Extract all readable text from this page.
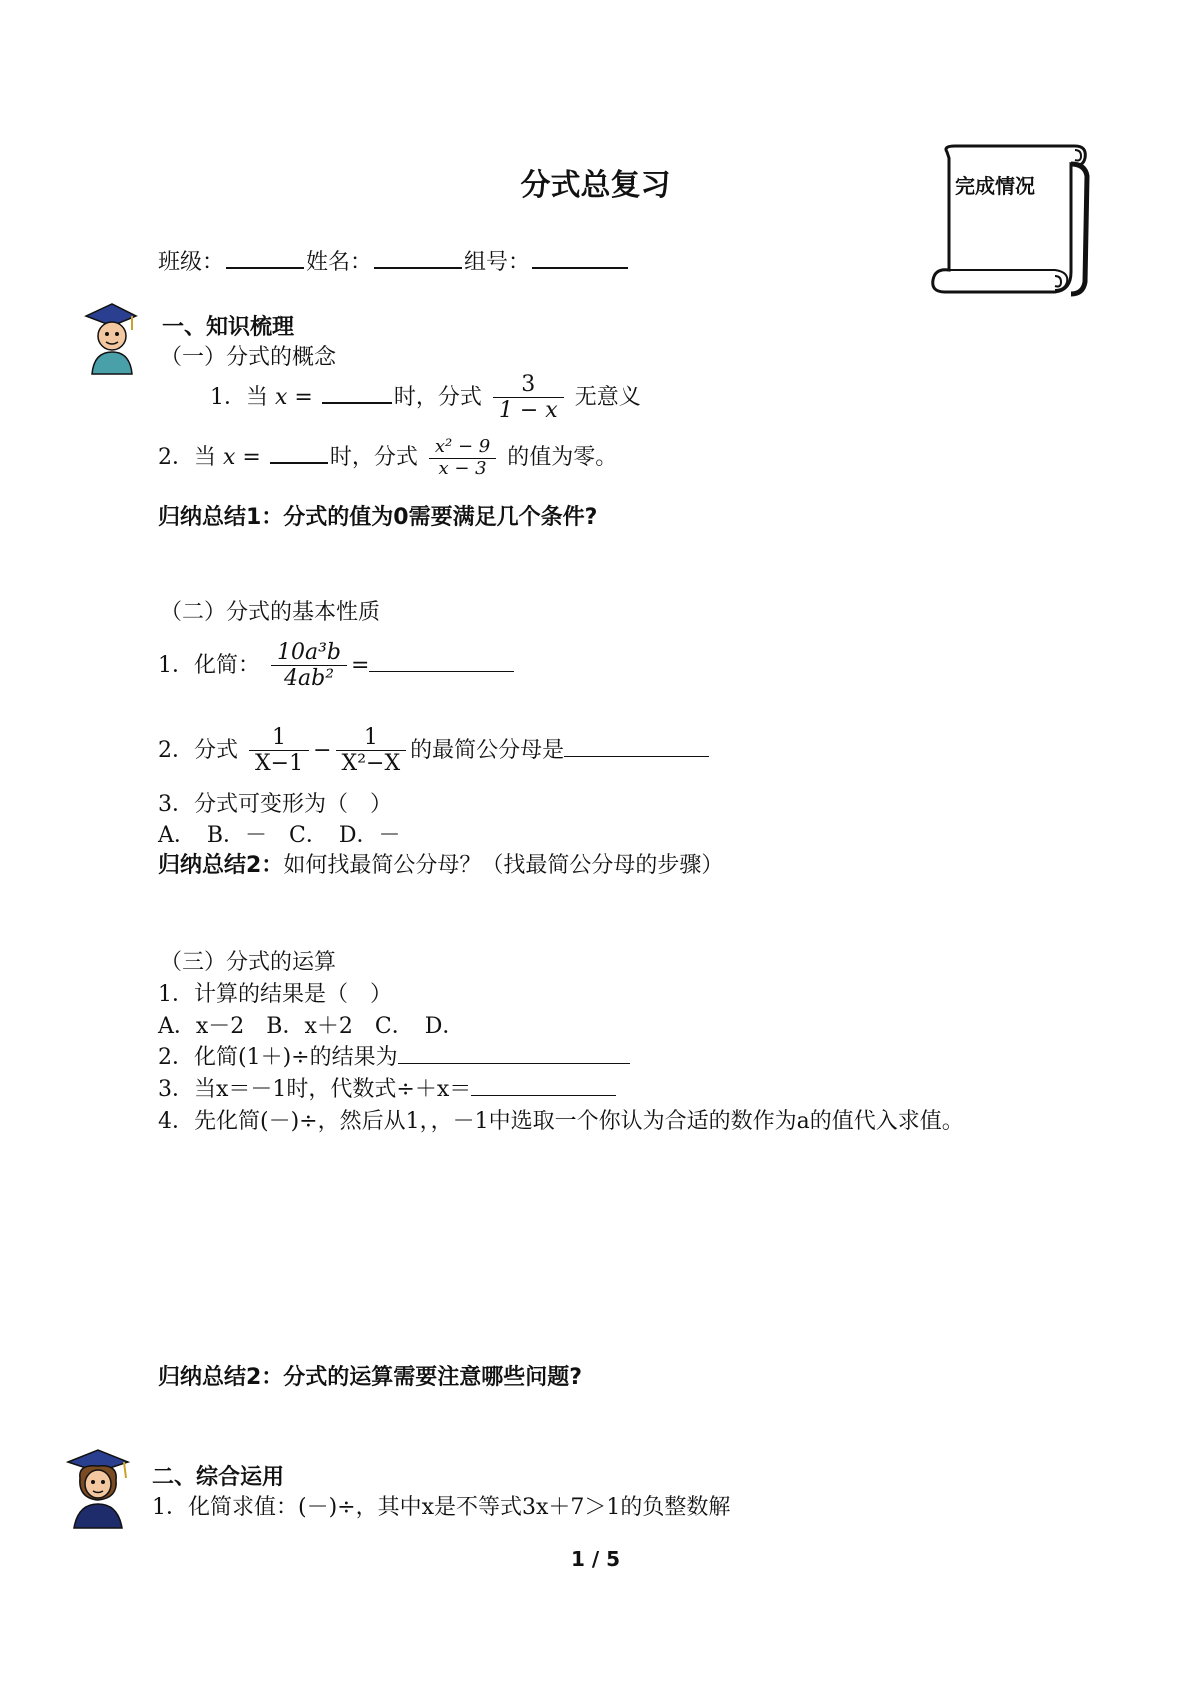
分式总复习	完成情况
班级：	姓名：	组号：
一、知识梳理
（一）分式的概念
1．当 x =	时，分式 $\frac{3}{1 - x}$ 无意义
2．当 x =	时，分式 $\frac{\text{x² − 9}}{x - 3}$ 的值为零。
归纳总结1：分式的值为0需要满足几个条件?
（二）分式的基本性质
1．化简： $\frac{\text{10a³b}}{\text{4ab²}}$ =
2．分式 $\frac{1}{X-1} - \frac{1}{\text{X²−X}}$ 的最简公分母是
3．分式可变形为（　）
A．　B．－　C．　D．－
归纳总结2：如何找最简公分母？（找最简公分母的步骤）
（三）分式的运算
1．计算的结果是（　）
A．x－2　B．x＋2　C．　D．
2．化简(1＋)÷的结果为
3．当x＝－1时，代数式÷＋x＝
4．先化简(－)÷，然后从1，，－1中选取一个你认为合适的数作为a的值代入求值。
归纳总结2：分式的运算需要注意哪些问题?
二、综合运用
1．化简求值：(－)÷，其中x是不等式3x＋7＞1的负整数解
1 / 5
